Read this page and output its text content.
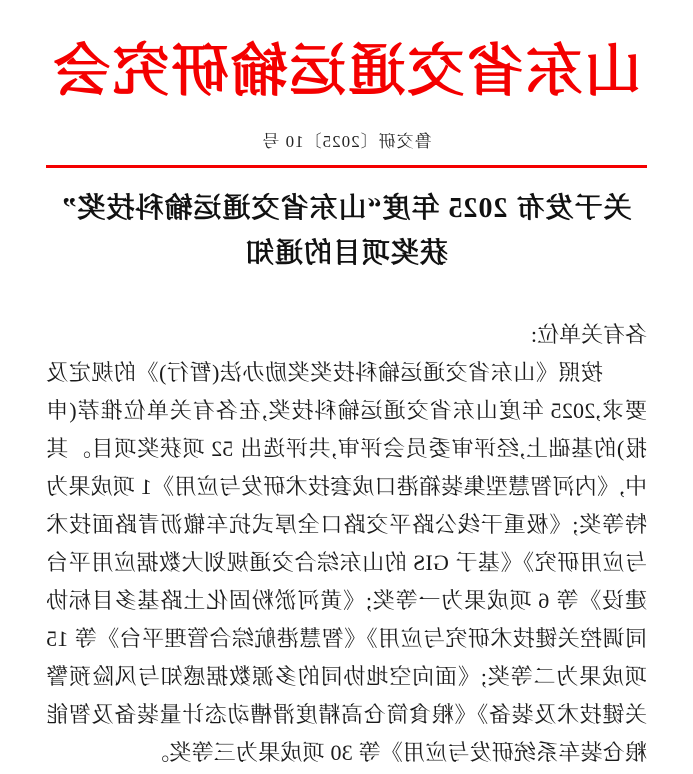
山东省交通运输研究会
鲁交研〔2025〕10 号
关于发布 2025 年度“山东省交通运输科技奖”
获奖项目的通知
各有关单位:

按照《山东省交通运输科技奖奖励办法(暂行)》的规定及要求,2025 年度山东省交通运输科技奖,在各有关单位推荐(申报)的基础上,经评审委员会评审,共评选出 52 项获奖项目。其中,《内河智慧型集装箱港口成套技术研发与应用》1 项成果为特等奖;《极重干线公路平交路口全厚式抗车辙沥青路面技术与应用研究》《基于 GIS 的山东综合交通规划大数据应用平台建设》等 6 项成果为一等奖;《黄河淤粉固化土路基多目标协同调控关键技术研究与应用》《智慧港航综合管理平台》等 15 项成果为二等奖;《面向空地协同的多源数据感知与风险预警关键技术及装备》《粮食筒仓高精度滑槽动态计量装备及智能粮仓装车系统研发与应用》等 30 项成果为三等奖。
